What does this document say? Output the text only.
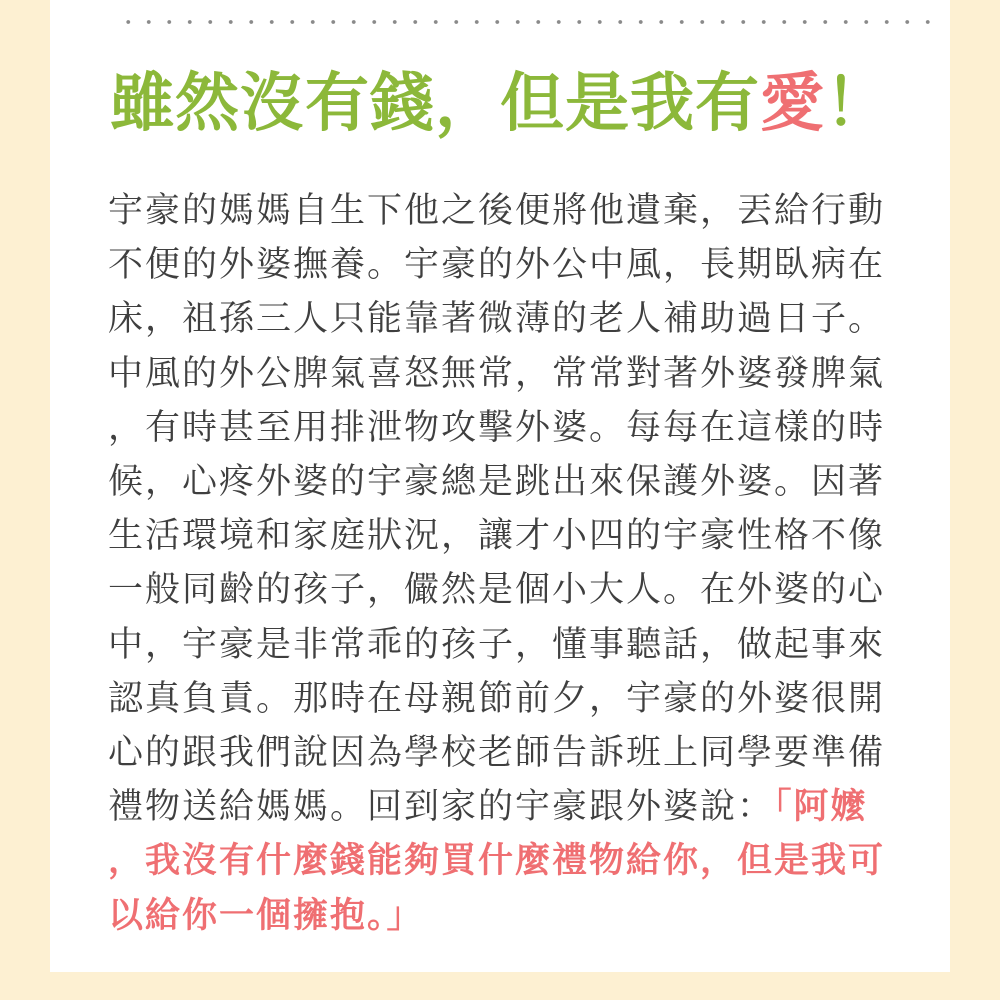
雖然沒有錢，但是我有愛！
宇豪的媽媽自生下他之後便將他遺棄，丟給行動
不便的外婆撫養。宇豪的外公中風，長期臥病在
床，祖孫三人只能靠著微薄的老人補助過日子。
中風的外公脾氣喜怒無常，常常對著外婆發脾氣
，有時甚至用排泄物攻擊外婆。每每在這樣的時
候，心疼外婆的宇豪總是跳出來保護外婆。因著
生活環境和家庭狀況，讓才小四的宇豪性格不像
一般同齡的孩子，儼然是個小大人。在外婆的心
中，宇豪是非常乖的孩子，懂事聽話，做起事來
認真負責。那時在母親節前夕，宇豪的外婆很開
心的跟我們說因為學校老師告訴班上同學要準備
禮物送給媽媽。回到家的宇豪跟外婆說：「阿嬤
，我沒有什麼錢能夠買什麼禮物給你，但是我可
以給你一個擁抱。」
